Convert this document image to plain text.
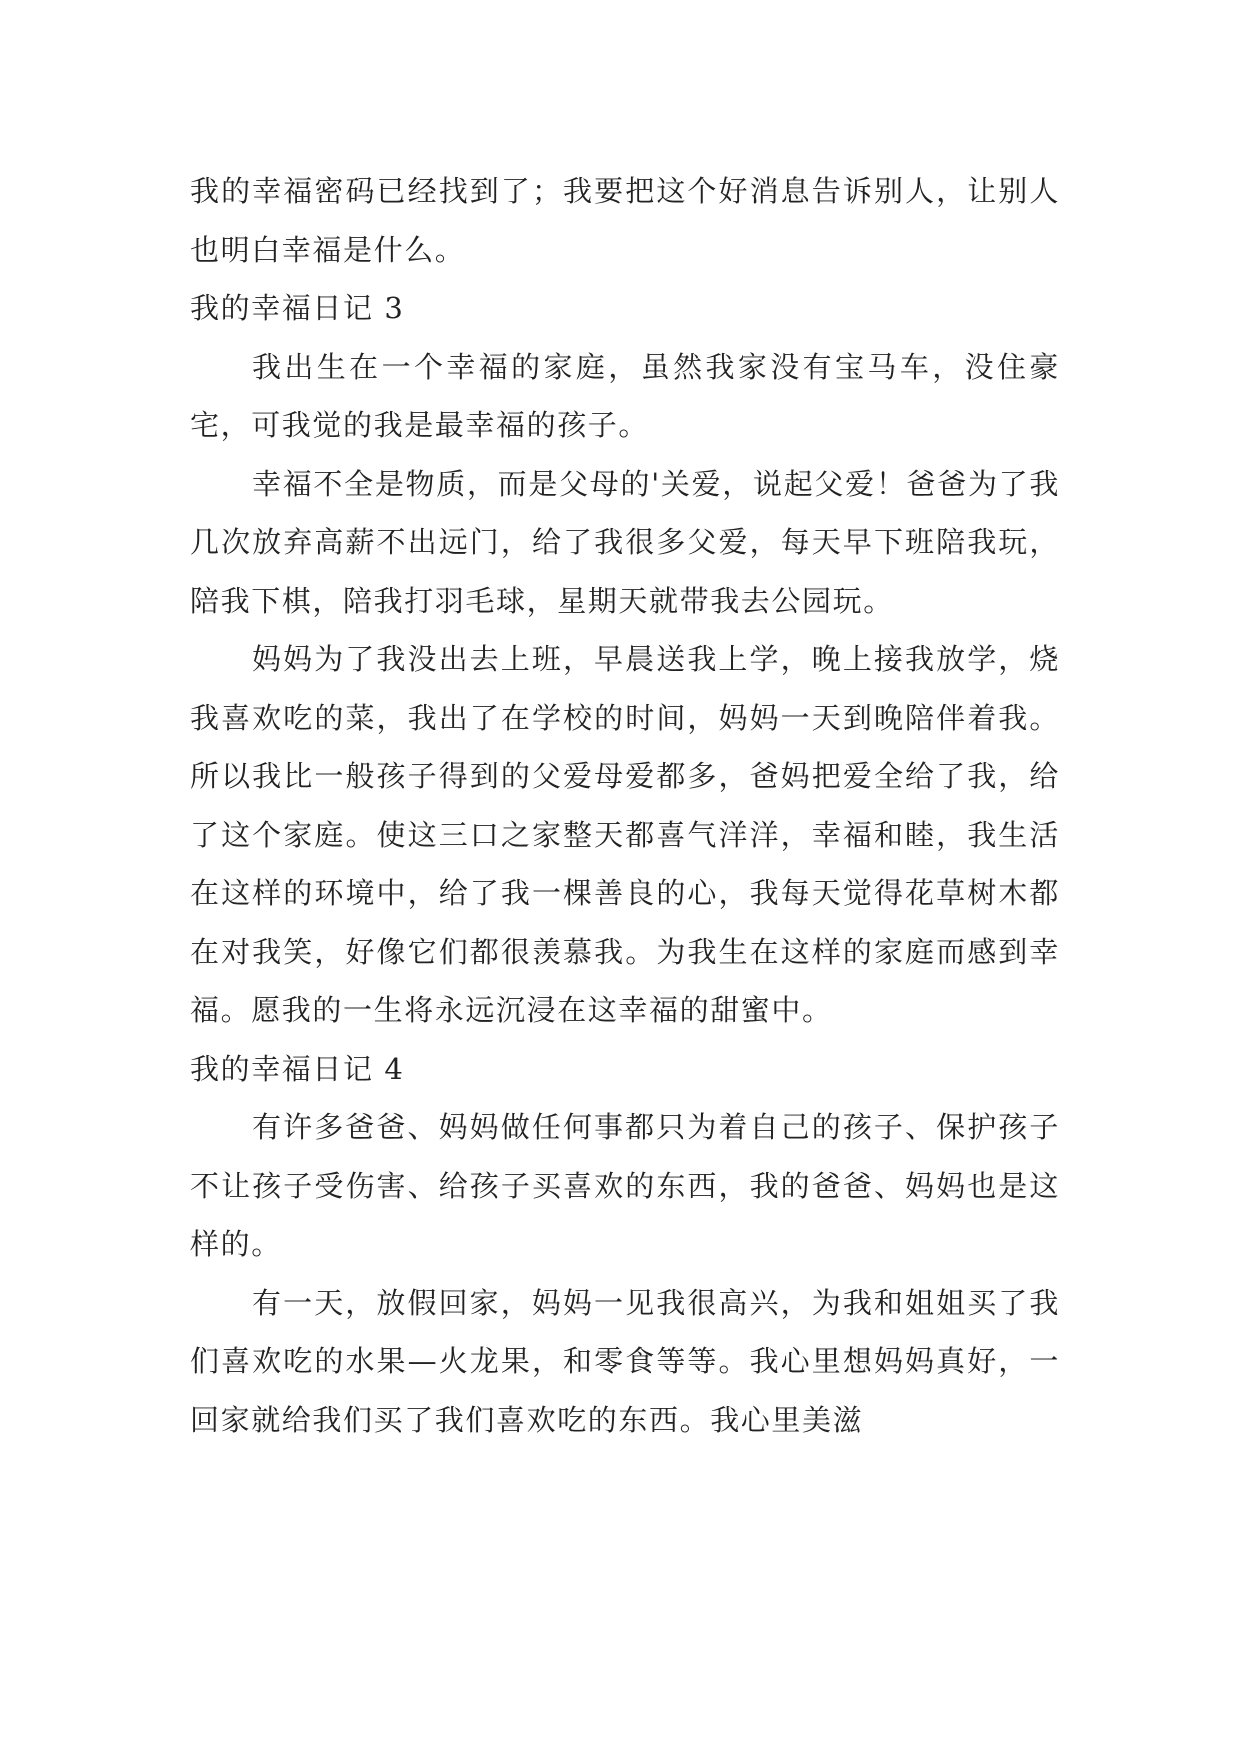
我的幸福密码已经找到了；我要把这个好消息告诉别人，让别人也明白幸福是什么。

我的幸福日记 3

我出生在一个幸福的家庭，虽然我家没有宝马车，没住豪宅，可我觉的我是最幸福的孩子。

幸福不全是物质，而是父母的'关爱，说起父爱！爸爸为了我几次放弃高薪不出远门，给了我很多父爱，每天早下班陪我玩，陪我下棋，陪我打羽毛球，星期天就带我去公园玩。

妈妈为了我没出去上班，早晨送我上学，晚上接我放学，烧我喜欢吃的菜，我出了在学校的时间，妈妈一天到晚陪伴着我。所以我比一般孩子得到的父爱母爱都多，爸妈把爱全给了我，给了这个家庭。使这三口之家整天都喜气洋洋，幸福和睦，我生活在这样的环境中，给了我一棵善良的心，我每天觉得花草树木都在对我笑，好像它们都很羡慕我。为我生在这样的家庭而感到幸福。愿我的一生将永远沉浸在这幸福的甜蜜中。

我的幸福日记 4

有许多爸爸、妈妈做任何事都只为着自己的孩子、保护孩子不让孩子受伤害、给孩子买喜欢的东西，我的爸爸、妈妈也是这样的。

有一天，放假回家，妈妈一见我很高兴，为我和姐姐买了我们喜欢吃的水果—火龙果，和零食等等。我心里想妈妈真好，一回家就给我们买了我们喜欢吃的东西。我心里美滋
